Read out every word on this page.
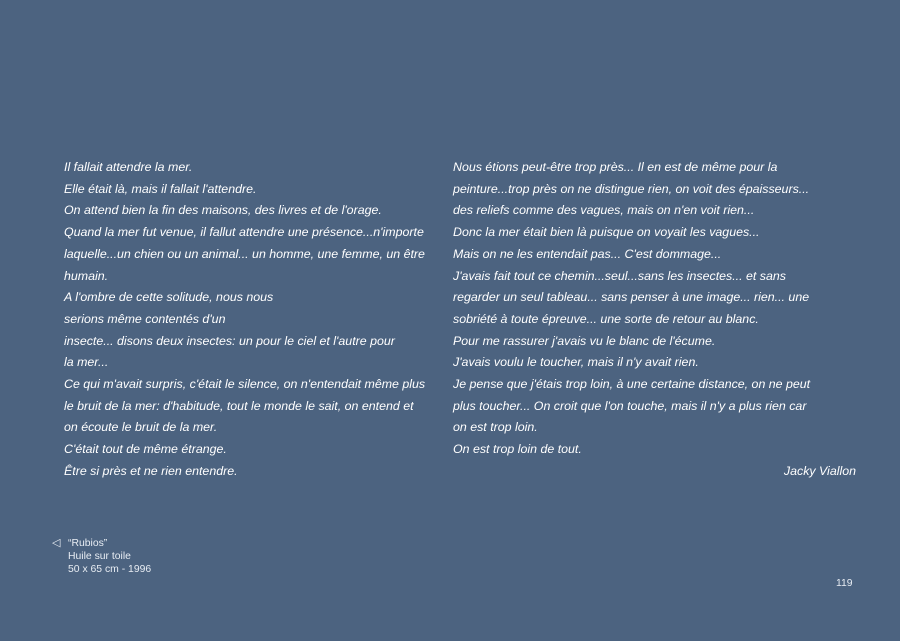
Il fallait attendre la mer.
Elle était là, mais il fallait l'attendre.
On attend bien la fin des maisons, des livres et de l'orage.
Quand la mer fut venue, il fallut attendre une présence...n'importe
laquelle...un chien ou un animal... un homme, une femme, un être
humain.
A l'ombre de cette solitude, nous nous
serions même contentés d'un
insecte... disons deux insectes: un pour le ciel et l'autre pour
la mer...
Ce qui m'avait surpris, c'était le silence, on n'entendait même plus
le bruit de la mer: d'habitude, tout le monde le sait, on entend et
on écoute le bruit de la mer.
C'était tout de même étrange.
Être si près et ne rien entendre.
Nous étions peut-être trop près... Il en est de même pour la
peinture...trop près on ne distingue rien, on voit des épaisseurs...
des reliefs comme des vagues, mais on n'en voit rien...
Donc la mer était bien là puisque on voyait les vagues...
Mais on ne les entendait pas... C'est dommage...
J'avais fait tout ce chemin...seul...sans les insectes... et sans
regarder un seul tableau... sans penser à une image... rien... une
sobriété à toute épreuve... une sorte de retour au blanc.
Pour me rassurer j'avais vu le blanc de l'écume.
J'avais voulu le toucher, mais il n'y avait rien.
Je pense que j'étais trop loin, à une certaine distance, on ne peut
plus toucher... On croit que l'on touche, mais il n'y a plus rien car
on est trop loin.
On est trop loin de tout.
Jacky Viallon
◁ “Rubios”
Huile sur toile
50 x 65 cm - 1996
119
